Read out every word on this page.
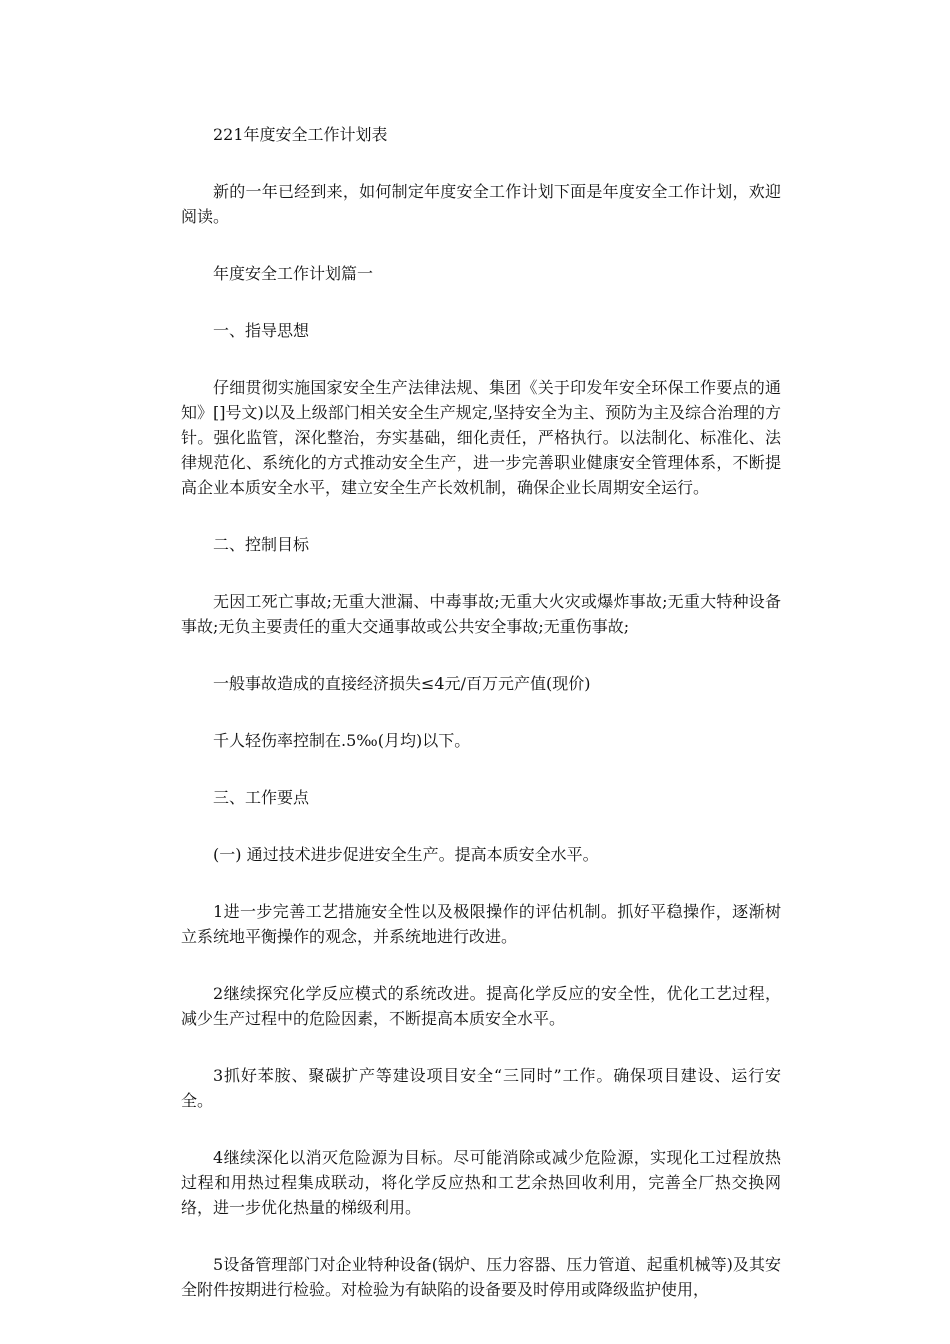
221年度安全工作计划表

新的一年已经到来，如何制定年度安全工作计划下面是年度安全工作计划，欢迎阅读。

年度安全工作计划篇一

一、指导思想

仔细贯彻实施国家安全生产法律法规、集团《关于印发年安全环保工作要点的通知》[]号文)以及上级部门相关安全生产规定,坚持安全为主、预防为主及综合治理的方针。强化监管，深化整治，夯实基础，细化责任，严格执行。以法制化、标准化、法律规范化、系统化的方式推动安全生产，进一步完善职业健康安全管理体系，不断提高企业本质安全水平，建立安全生产长效机制，确保企业长周期安全运行。

二、控制目标

无因工死亡事故;无重大泄漏、中毒事故;无重大火灾或爆炸事故;无重大特种设备事故;无负主要责任的重大交通事故或公共安全事故;无重伤事故;

一般事故造成的直接经济损失≤4元/百万元产值(现价)

千人轻伤率控制在.5‰(月均)以下。

三、工作要点

(一) 通过技术进步促进安全生产。提高本质安全水平。

1进一步完善工艺措施安全性以及极限操作的评估机制。抓好平稳操作，逐渐树立系统地平衡操作的观念，并系统地进行改进。

2继续探究化学反应模式的系统改进。提高化学反应的安全性，优化工艺过程，减少生产过程中的危险因素，不断提高本质安全水平。

3抓好苯胺、聚碳扩产等建设项目安全“三同时”工作。确保项目建设、运行安全。

4继续深化以消灭危险源为目标。尽可能消除或减少危险源，实现化工过程放热过程和用热过程集成联动，将化学反应热和工艺余热回收利用，完善全厂热交换网络，进一步优化热量的梯级利用。

5设备管理部门对企业特种设备(锅炉、压力容器、压力管道、起重机械等)及其安全附件按期进行检验。对检验为有缺陷的设备要及时停用或降级监护使用，
